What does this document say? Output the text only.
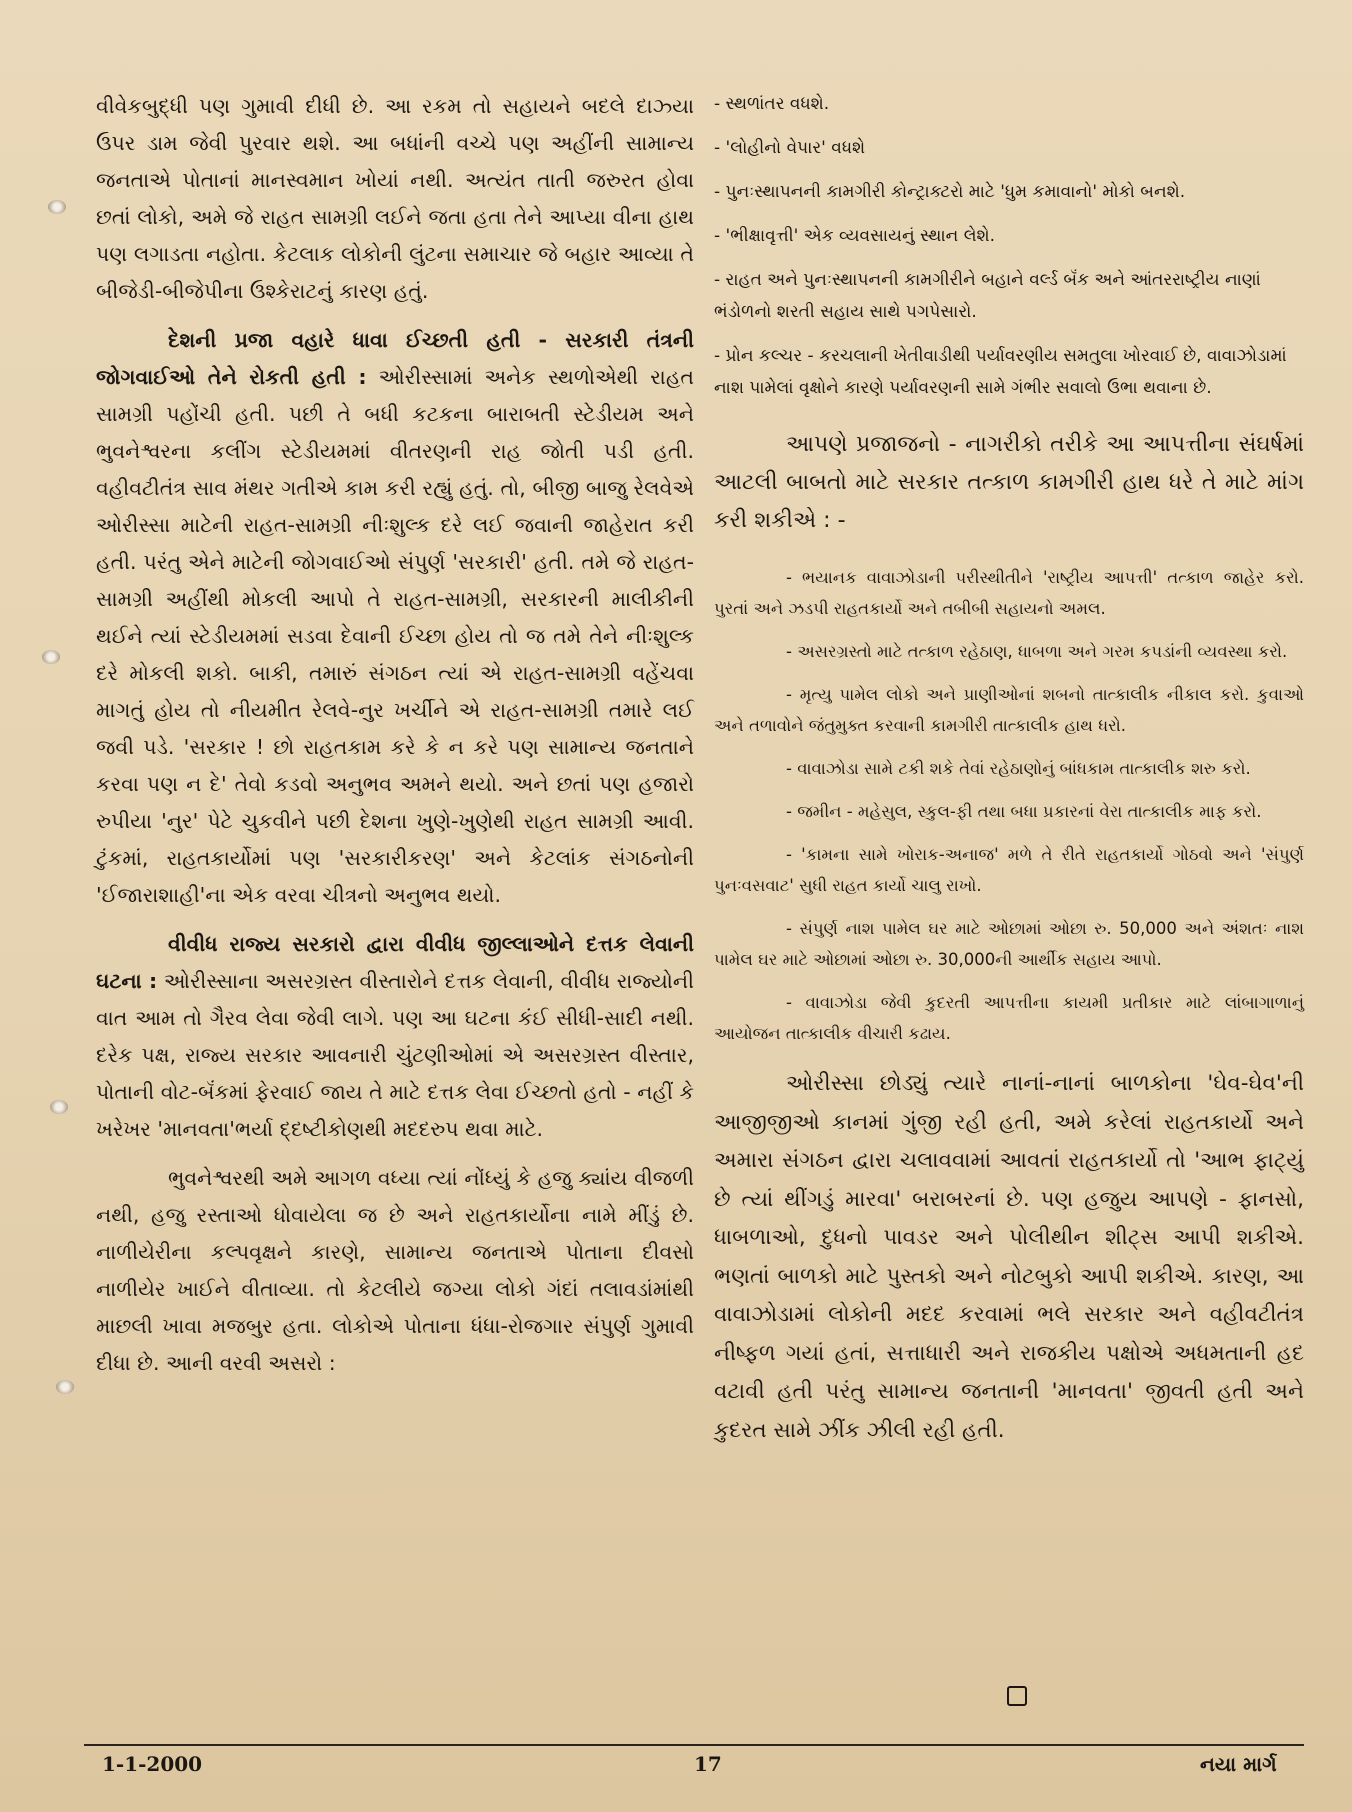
વીવેકબુદ્ધી પણ ગુમાવી દીધી છે. આ રકમ તો સહાયને બદલે દાઝ્યા ઉપર ડામ જેવી પુરવાર થશે. આ બધાંની વચ્ચે પણ અહીંની સામાન્ય જનતાએ પોતાનાં માનસ્વમાન ખોયાં નથી. અત્યંત તાતી જરુરત હોવા છતાં લોકો, અમે જે રાહત સામગ્રી લઈને જતા હતા તેને આપ્યા વીના હાથ પણ લગાડતા નહોતા. કેટલાક લોકોની લુંટના સમાચાર જે બહાર આવ્યા તે બીજેડી-બીજેપીના ઉશ્કેરાટનું કારણ હતું.

દેશની પ્રજા વહારે ધાવા ઈચ્છતી હતી - સરકારી તંત્રની જોગવાઈઓ તેને રોકતી હતી : ઓરીસ્સામાં અનેક સ્થળોએથી રાહત સામગ્રી પહોંચી હતી. પછી તે બધી કટકના બારાબતી સ્ટેડીયમ અને ભુવનેશ્વરના કલીંગ સ્ટેડીયમમાં વીતરણની રાહ જોતી પડી હતી. વહીવટીતંત્ર સાવ મંથર ગતીએ કામ કરી રહ્યું હતું. તો, બીજી બાજુ રેલવેએ ઓરીસ્સા માટેની રાહત-સામગ્રી નીઃશુલ્ક દરે લઈ જવાની જાહેરાત કરી હતી. પરંતુ એને માટેની જોગવાઈઓ સંપુર્ણ 'સરકારી' હતી. તમે જે રાહત-સામગ્રી અહીંથી મોકલી આપો તે રાહત-સામગ્રી, સરકારની માલીકીની થઈને ત્યાં સ્ટેડીયમમાં સડવા દેવાની ઈચ્છા હોય તો જ તમે તેને નીઃશુલ્ક દરે મોકલી શકો. બાકી, તમારું સંગઠન ત્યાં એ રાહત-સામગ્રી વહેંચવા માગતું હોય તો નીયમીત રેલવે-નુર ખર્ચીને એ રાહત-સામગ્રી તમારે લઈ જવી પડે. 'સરકાર ! છો રાહતકામ કરે કે ન કરે પણ સામાન્ય જનતાને કરવા પણ ન દે' તેવો કડવો અનુભવ અમને થયો. અને છતાં પણ હજારો રુપીયા 'નુર' પેટે ચુકવીને પછી દેશના ખુણે-ખુણેથી રાહત સામગ્રી આવી. ટુંકમાં, રાહતકાર્યોમાં પણ 'સરકારીકરણ' અને કેટલાંક સંગઠનોની 'ઈજારાશાહી'ના એક વરવા ચીત્રનો અનુભવ થયો.

વીવીધ રાજ્ય સરકારો દ્વારા વીવીધ જીલ્લાઓને દત્તક લેવાની ઘટના : ઓરીસ્સાના અસરગ્રસ્ત વીસ્તારોને દત્તક લેવાની, વીવીધ રાજ્યોની વાત આમ તો ગૈરવ લેવા જેવી લાગે. પણ આ ઘટના કંઈ સીધી-સાદી નથી. દરેક પક્ષ, રાજ્ય સરકાર આવનારી ચુંટણીઓમાં એ અસરગ્રસ્ત વીસ્તાર, પોતાની વોટ-બૅંકમાં ફેરવાઈ જાય તે માટે દત્તક લેવા ઈચ્છતો હતો - નહીં કે ખરેખર 'માનવતા'ભર્યા દ્દષ્ટીકોણથી મદદરુપ થવા માટે.

ભુવનેશ્વરથી અમે આગળ વધ્યા ત્યાં નોંધ્યું કે હજુ ક્યાંય વીજળી નથી, હજુ રસ્તાઓ ધોવાયેલા જ છે અને રાહતકાર્યોના નામે મીંડું છે. નાળીયેરીના કલ્પવૃક્ષને કારણે, સામાન્ય જનતાએ પોતાના દીવસો નાળીયેર ખાઈને વીતાવ્યા. તો કેટલીયે જગ્યા લોકો ગંદાં તલાવડાંમાંથી માછલી ખાવા મજબુર હતા. લોકોએ પોતાના ધંધા-રોજગાર સંપુર્ણ ગુમાવી દીધા છે. આની વરવી અસરો :

- સ્થળાંતર વધશે.

- 'લોહીનો વેપાર' વધશે

- પુનઃસ્થાપનની કામગીરી કોન્ટ્રાક્ટરો માટે 'ધુમ કમાવાનો' મોકો બનશે.

- 'ભીક્ષાવૃત્તી' એક વ્યવસાયનું સ્થાન લેશે.

- રાહત અને પુનઃસ્થાપનની કામગીરીને બહાને વર્લ્ડ બૅંક અને આંતરરાષ્ટ્રીય નાણાં ભંડોળનો શરતી સહાય સાથે પગપેસારો.

- પ્રોન કલ્ચર - કરચલાની ખેતીવાડીથી પર્યાવરણીય સમતુલા ખોરવાઈ છે, વાવાઝોડામાં નાશ પામેલાં વૃક્ષોને કારણે પર્યાવરણની સામે ગંભીર સવાલો ઉભા થવાના છે.

આપણે પ્રજાજનો - નાગરીકો તરીકે આ આપત્તીના સંઘર્ષમાં આટલી બાબતો માટે સરકાર તત્કાળ કામગીરી હાથ ધરે તે માટે માંગ કરી શકીએ : -

- ભયાનક વાવાઝોડાની પરીસ્થીતીને 'રાષ્ટ્રીય આપત્તી' તત્કાળ જાહેર કરો. પુરતાં અને ઝડપી રાહતકાર્યો અને તબીબી સહાયનો અમલ.

- અસરગ્રસ્તો માટે તત્કાળ રહેઠાણ, ધાબળા અને ગરમ કપડાંની વ્યવસ્થા કરો.

- મૃત્યુ પામેલ લોકો અને પ્રાણીઓનાં શબનો તાત્કાલીક નીકાલ કરો. કુવાઓ અને તળાવોને જંતુમુક્ત કરવાની કામગીરી તાત્કાલીક હાથ ધરો.

- વાવાઝોડા સામે ટકી શકે તેવાં રહેઠાણોનું બાંધકામ તાત્કાલીક શરુ કરો.

- જમીન - મહેસુલ, સ્કુલ-ફી તથા બધા પ્રકારનાં વેરા તાત્કાલીક માફ કરો.

- 'કામના સામે ખોરાક-અનાજ' મળે તે રીતે રાહતકાર્યો ગોઠવો અને 'સંપુર્ણ પુનઃવસવાટ' સુધી રાહત કાર્યો ચાલુ રાખો.

- સંપુર્ણ નાશ પામેલ ઘર માટે ઓછામાં ઓછા રુ. 50,000 અને અંશતઃ નાશ પામેલ ઘર માટે ઓછામાં ઓછા રુ. 30,000ની આર્થીક સહાય આપો.

- વાવાઝોડા જેવી કુદરતી આપત્તીના કાયમી પ્રતીકાર માટે લાંબાગાળાનું આયોજન તાત્કાલીક વીચારી કઢાય.

ઓરીસ્સા છોડ્યું ત્યારે નાનાં-નાનાં બાળકોના 'ઘેવ-ઘેવ'ની આજીજીઓ કાનમાં ગુંજી રહી હતી, અમે કરેલાં રાહતકાર્યો અને અમારા સંગઠન દ્વારા ચલાવવામાં આવતાં રાહતકાર્યો તો 'આભ ફાટ્યું છે ત્યાં થીંગડું મારવા' બરાબરનાં છે. પણ હજુય આપણે - ફાનસો, ધાબળાઓ, દુધનો પાવડર અને પોલીથીન શીટ્સ આપી શકીએ. ભણતાં બાળકો માટે પુસ્તકો અને નોટબુકો આપી શકીએ. કારણ, આ વાવાઝોડામાં લોકોની મદદ કરવામાં ભલે સરકાર અને વહીવટીતંત્ર નીષ્ફળ ગયાં હતાં, સત્તાધારી અને રાજકીય પક્ષોએ અધમતાની હદ વટાવી હતી પરંતુ સામાન્ય જનતાની 'માનવતા' જીવતી હતી અને કુદરત સામે ઝીંક ઝીલી રહી હતી.

1-1-2000	17	નયા માર્ગ
